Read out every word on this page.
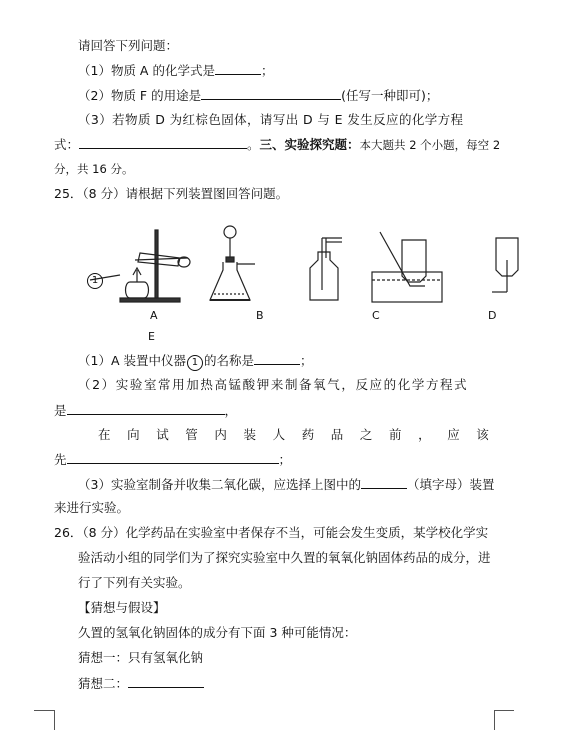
请回答下列问题：
（1）物质 A 的化学式是	；
（2）物质 F 的用途是	(任写一种即可)；
（3）若物质 D 为红棕色固体，请写出 D 与 E 发生反应的化学方程
式：	。三、实验探究题：本大题共 2 个小题，每空 2
分，共 16 分。
25．（8 分）请根据下列装置图回答问题。
1
A	B	C	D
E
（1）A 装置中仪器 1 的名称是	；
（2）实验室常用加热高锰酸钾来制备氧气，反应的化学方程式
是	，
在向试管内装人药品之前，应该
先	；
（3）实验室制备并收集二氧化碳，应选择上图中的	（填字母）装置
来进行实验。
26．（8 分）化学药品在实验室中者保存不当，可能会发生变质，某学校化学实
验活动小组的同学们为了探究实验室中久置的氧氧化钠固体药品的成分，进
行了下列有关实验。
【猜想与假设】
久置的氢氧化钠固体的成分有下面 3 种可能情况：
猜想一：只有氢氧化钠
猜想二：
